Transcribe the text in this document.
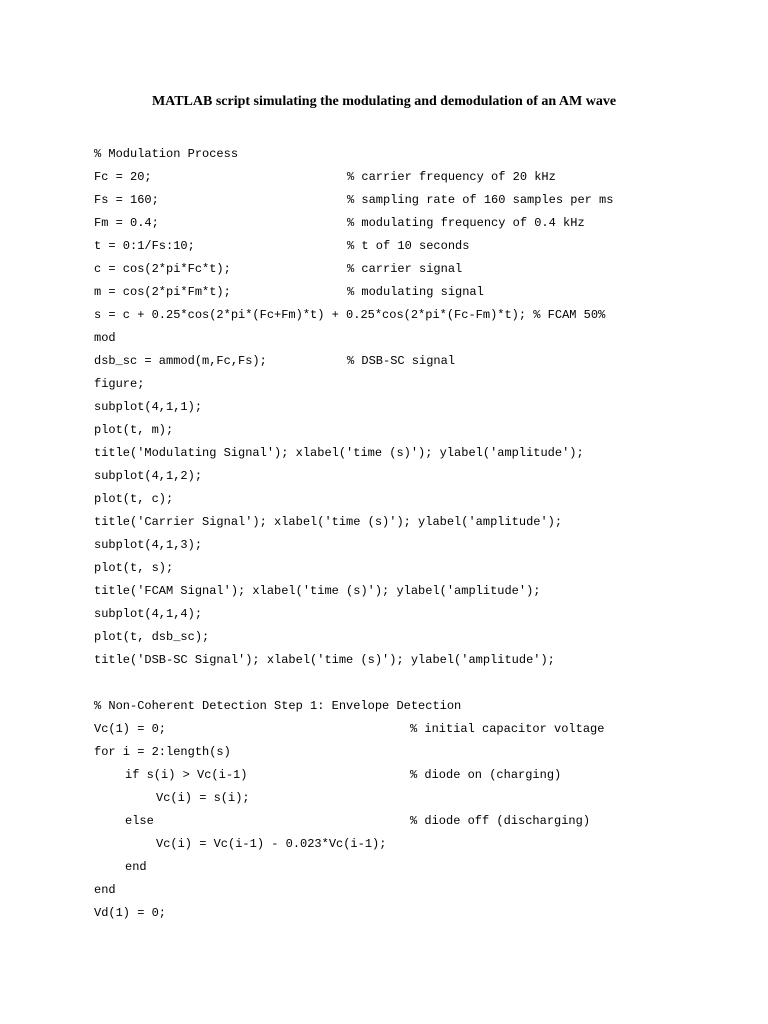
MATLAB script simulating the modulating and demodulation of an AM wave
% Modulation Process
Fc = 20;	% carrier frequency of 20 kHz
Fs = 160;	% sampling rate of 160 samples per ms
Fm = 0.4;	% modulating frequency of 0.4 kHz
t = 0:1/Fs:10;	% t of 10 seconds
c = cos(2*pi*Fc*t);	% carrier signal
m = cos(2*pi*Fm*t);	% modulating signal
s = c + 0.25*cos(2*pi*(Fc+Fm)*t) + 0.25*cos(2*pi*(Fc-Fm)*t); % FCAM 50%
mod
dsb_sc = ammod(m,Fc,Fs);	% DSB-SC signal
figure;
subplot(4,1,1);
plot(t, m);
title('Modulating Signal'); xlabel('time (s)'); ylabel('amplitude');
subplot(4,1,2);
plot(t, c);
title('Carrier Signal'); xlabel('time (s)'); ylabel('amplitude');
subplot(4,1,3);
plot(t, s);
title('FCAM Signal'); xlabel('time (s)'); ylabel('amplitude');
subplot(4,1,4);
plot(t, dsb_sc);
title('DSB-SC Signal'); xlabel('time (s)'); ylabel('amplitude');
% Non-Coherent Detection Step 1: Envelope Detection
Vc(1) = 0;	% initial capacitor voltage
for i = 2:length(s)
if s(i) > Vc(i-1)	% diode on (charging)
Vc(i) = s(i);
else	% diode off (discharging)
Vc(i) = Vc(i-1) - 0.023*Vc(i-1);
end
end
Vd(1) = 0;
